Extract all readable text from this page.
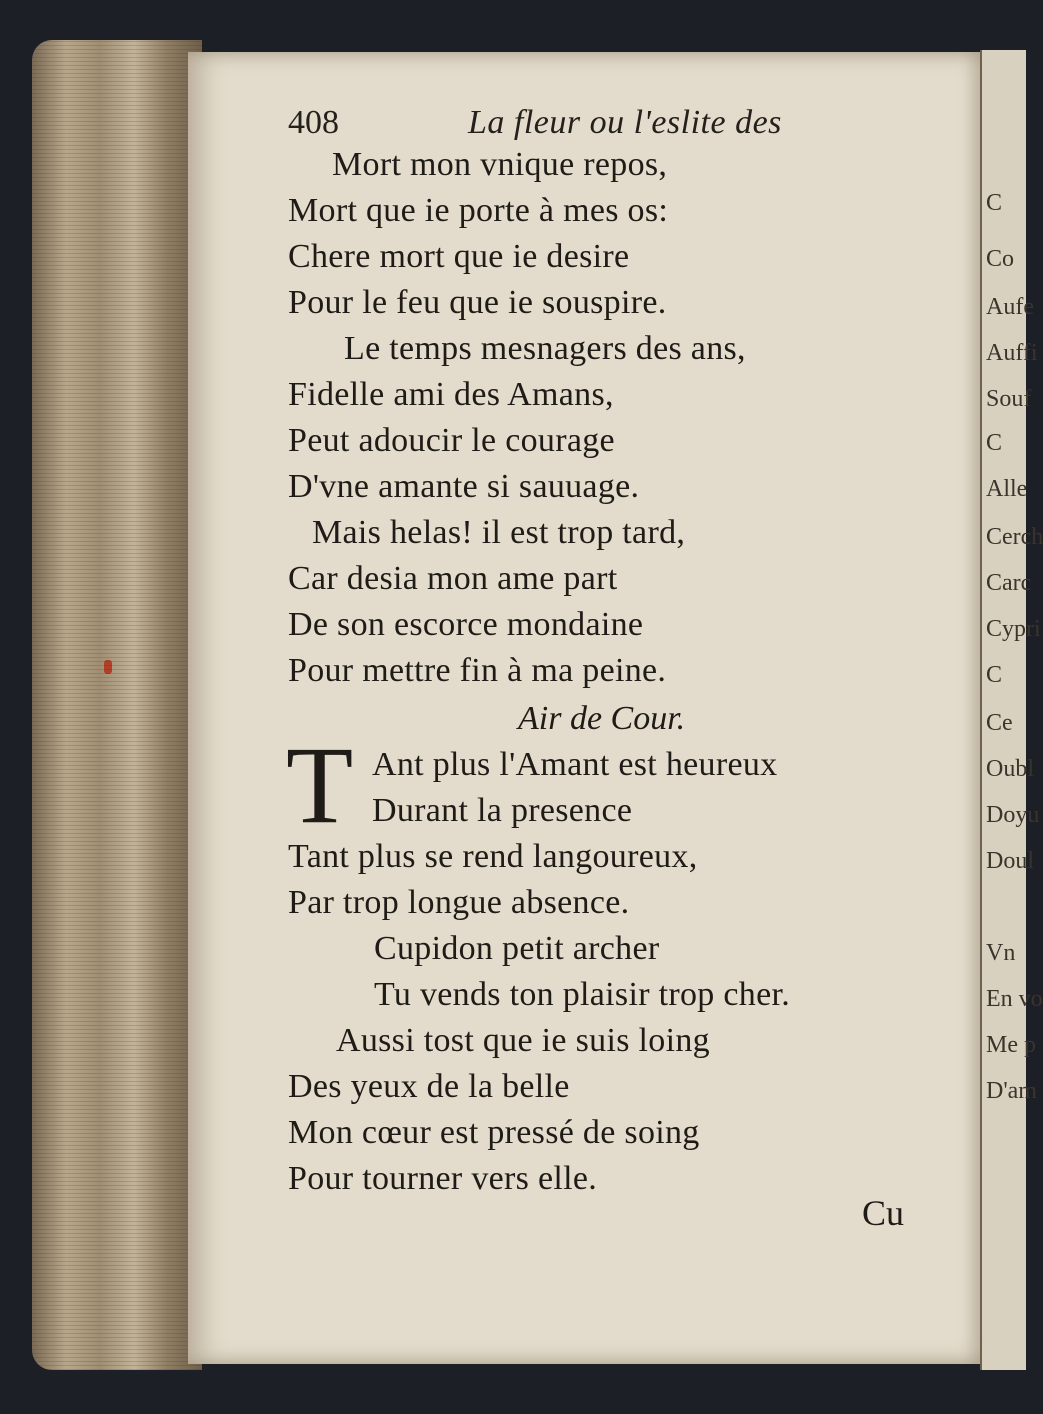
408	La fleur ou l'eslite des
Mort mon vnique repos,
Mort que ie porte à mes os:
Chere mort que ie desire
Pour le feu que ie souspire.
Le temps mesnagers des ans,
Fidelle ami des Amans,
Peut adoucir le courage
D'vne amante si sauuage.
Mais helas! il est trop tard,
Car desia mon ame part
De son escorce mondaine
Pour mettre fin à ma peine.
Air de Cour.
T Ant plus l'Amant est heureux
Durant la presence
Tant plus se rend langoureux,
Par trop longue absence.
Cupidon petit archer
Tu vends ton plaisir trop cher.
Aussi tost que ie suis loing
Des yeux de la belle
Mon cœur est pressé de soing
Pour tourner vers elle.
Cu
C
Co
Aufe
Auffi
Souf
C
Alle
Cerch
Carc
Cypri
C
Ce
Oubl
Doyu
Doul
Vn
En vo
Me p
D'am
